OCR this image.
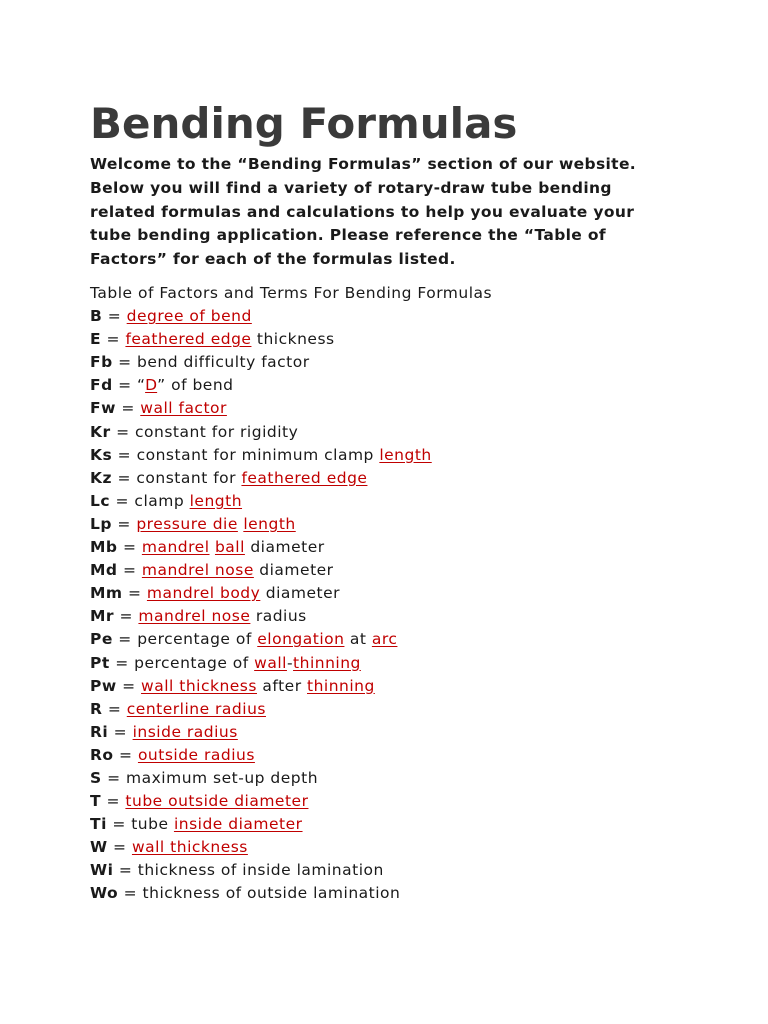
Bending Formulas

Welcome to the “Bending Formulas” section of our website.
Below you will find a variety of rotary-draw tube bending
related formulas and calculations to help you evaluate your
tube bending application. Please reference the “Table of
Factors” for each of the formulas listed.

Table of Factors and Terms For Bending Formulas
B = degree of bend
E = feathered edge thickness
Fb = bend difficulty factor
Fd = “D” of bend
Fw = wall factor
Kr = constant for rigidity
Ks = constant for minimum clamp length
Kz = constant for feathered edge
Lc = clamp length
Lp = pressure die length
Mb = mandrel ball diameter
Md = mandrel nose diameter
Mm = mandrel body diameter
Mr = mandrel nose radius
Pe = percentage of elongation at arc
Pt = percentage of wall-thinning
Pw = wall thickness after thinning
R = centerline radius
Ri = inside radius
Ro = outside radius
S = maximum set-up depth
T = tube outside diameter
Ti = tube inside diameter
W = wall thickness
Wi = thickness of inside lamination
Wo = thickness of outside lamination
